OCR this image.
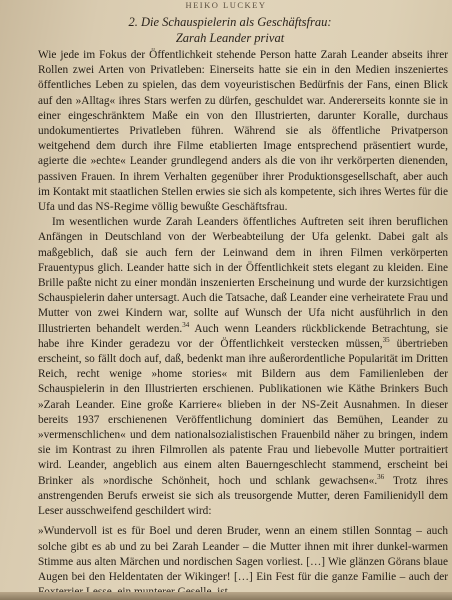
HEIKO LUCKEY
2. Die Schauspielerin als Geschäftsfrau:
Zarah Leander privat

Wie jede im Fokus der Öffentlichkeit stehende Person hatte Zarah Leander abseits ihrer Rollen zwei Arten von Privatleben: Einerseits hatte sie ein in den Medien inszeniertes öffentliches Leben zu spielen, das dem voyeuristischen Bedürfnis der Fans, einen Blick auf den »Alltag« ihres Stars werfen zu dürfen, geschuldet war. Andererseits konnte sie in einer eingeschränktem Maße ein von den Illustrierten, darunter Koralle, durchaus undokumentiertes Privatleben führen. Während sie als öffentliche Privatperson weitgehend dem durch ihre Filme etablierten Image entsprechend präsentiert wurde, agierte die »echte« Leander grundlegend anders als die von ihr verkörperten dienenden, passiven Frauen. In ihrem Verhalten gegenüber ihrer Produktionsgesellschaft, aber auch im Kontakt mit staatlichen Stellen erwies sie sich als kompetente, sich ihres Wertes für die Ufa und das NS-Regime völlig bewußte Geschäftsfrau.

Im wesentlichen wurde Zarah Leanders öffentliches Auftreten seit ihren beruflichen Anfängen in Deutschland von der Werbeabteilung der Ufa gelenkt. Dabei galt als maßgeblich, daß sie auch fern der Leinwand dem in ihren Filmen verkörperten Frauentypus glich. Leander hatte sich in der Öffentlichkeit stets elegant zu kleiden. Eine Brille paßte nicht zu einer mondän inszenierten Erscheinung und wurde der kurzsichtigen Schauspielerin daher untersagt. Auch die Tatsache, daß Leander eine verheiratete Frau und Mutter von zwei Kindern war, sollte auf Wunsch der Ufa nicht ausführlich in den Illustrierten behandelt werden.$^{34}$ Auch wenn Leanders rückblickende Betrachtung, sie habe ihre Kinder geradezu vor der Öffentlichkeit verstecken müssen,$^{35}$ übertrieben erscheint, so fällt doch auf, daß, bedenkt man ihre außerordentliche Popularität im Dritten Reich, recht wenige »home stories« mit Bildern aus dem Familienleben der Schauspielerin in den Illustrierten erschienen. Publikationen wie Käthe Brinkers Buch »Zarah Leander. Eine große Karriere« blieben in der NS-Zeit Ausnahmen. In dieser bereits 1937 erschienenen Veröffentlichung dominiert das Bemühen, Leander zu »vermenschlichen« und dem nationalsozialistischen Frauenbild näher zu bringen, indem sie im Kontrast zu ihren Filmrollen als patente Frau und liebevolle Mutter portraitiert wird. Leander, angeblich aus einem alten Bauerngeschlecht stammend, erscheint bei Brinker als »nordische Schönheit, hoch und schlank gewachsen«.$^{36}$ Trotz ihres anstrengenden Berufs erweist sie sich als treusorgende Mutter, deren Familienidyll dem Leser ausschweifend geschildert wird:

»Wundervoll ist es für Boel und deren Bruder, wenn an einem stillen Sonntag – auch solche gibt es ab und zu bei Zarah Leander – die Mutter ihnen mit ihrer dunkel-warmen Stimme aus alten Märchen und nordischen Sagen vorliest. […] Wie glänzen Görans blaue Augen bei den Heldentaten der Wikinger! […] Ein Fest für die ganze Familie – auch der
